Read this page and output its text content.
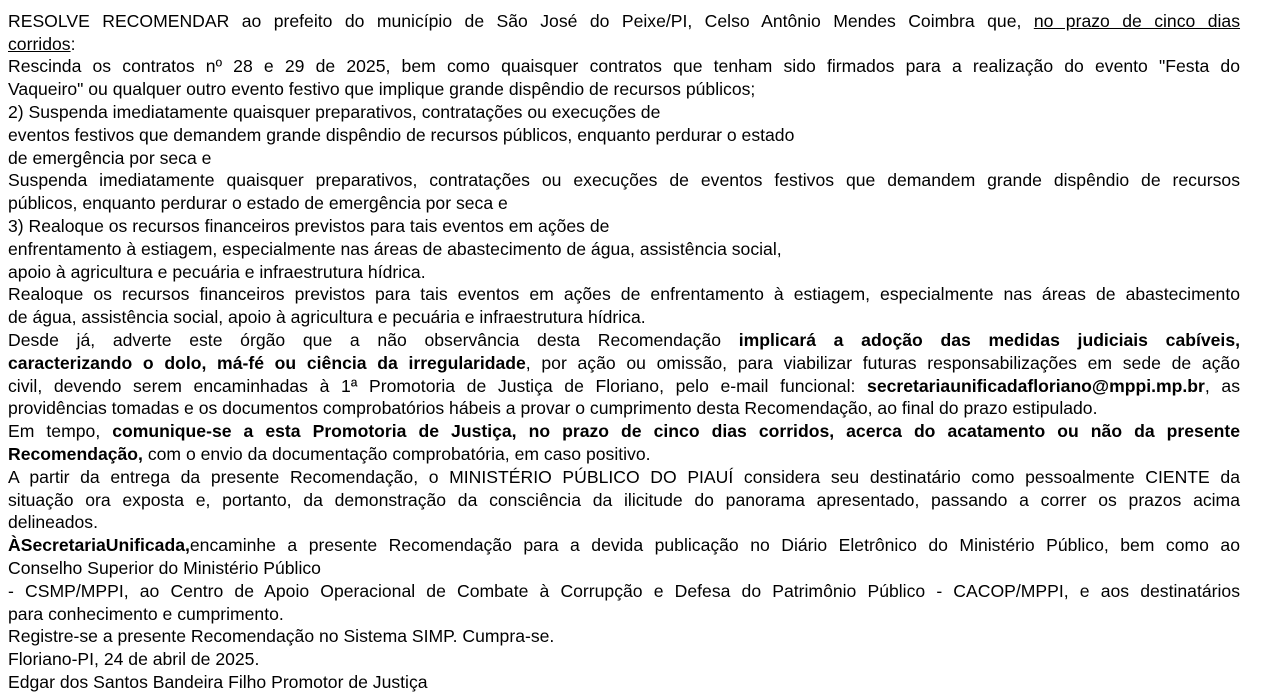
RESOLVE RECOMENDAR ao prefeito do município de São José do Peixe/PI, Celso Antônio Mendes Coimbra que, no prazo de cinco dias
corridos:
Rescinda os contratos nº 28 e 29 de 2025, bem como quaisquer contratos que tenham sido firmados para a realização do evento "Festa do
Vaqueiro" ou qualquer outro evento festivo que implique grande dispêndio de recursos públicos;
2) Suspenda imediatamente quaisquer preparativos, contratações ou execuções de
eventos festivos que demandem grande dispêndio de recursos públicos, enquanto perdurar o estado
de emergência por seca e
Suspenda imediatamente quaisquer preparativos, contratações ou execuções de eventos festivos que demandem grande dispêndio de recursos
públicos, enquanto perdurar o estado de emergência por seca e
3) Realoque os recursos financeiros previstos para tais eventos em ações de
enfrentamento à estiagem, especialmente nas áreas de abastecimento de água, assistência social,
apoio à agricultura e pecuária e infraestrutura hídrica.
Realoque os recursos financeiros previstos para tais eventos em ações de enfrentamento à estiagem, especialmente nas áreas de abastecimento
de água, assistência social, apoio à agricultura e pecuária e infraestrutura hídrica.
Desde já, adverte este órgão que a não observância desta Recomendação implicará a adoção das medidas judiciais cabíveis,
caracterizando o dolo, má-fé ou ciência da irregularidade, por ação ou omissão, para viabilizar futuras responsabilizações em sede de ação
civil, devendo serem encaminhadas à 1ª Promotoria de Justiça de Floriano, pelo e-mail funcional: secretariaunificadafloriano@mppi.mp.br, as
providências tomadas e os documentos comprobatórios hábeis a provar o cumprimento desta Recomendação, ao final do prazo estipulado.
Em tempo, comunique-se a esta Promotoria de Justiça, no prazo de cinco dias corridos, acerca do acatamento ou não da presente
Recomendação, com o envio da documentação comprobatória, em caso positivo.
A partir da entrega da presente Recomendação, o MINISTÉRIO PÚBLICO DO PIAUÍ considera seu destinatário como pessoalmente CIENTE da
situação ora exposta e, portanto, da demonstração da consciência da ilicitude do panorama apresentado, passando a correr os prazos acima
delineados.
ÀSecretariaUnificada,encaminhe a presente Recomendação para a devida publicação no Diário Eletrônico do Ministério Público, bem como ao
Conselho Superior do Ministério Público
- CSMP/MPPI, ao Centro de Apoio Operacional de Combate à Corrupção e Defesa do Patrimônio Público - CACOP/MPPI, e aos destinatários
para conhecimento e cumprimento.
Registre-se a presente Recomendação no Sistema SIMP. Cumpra-se.
Floriano-PI, 24 de abril de 2025.
Edgar dos Santos Bandeira Filho Promotor de Justiça
